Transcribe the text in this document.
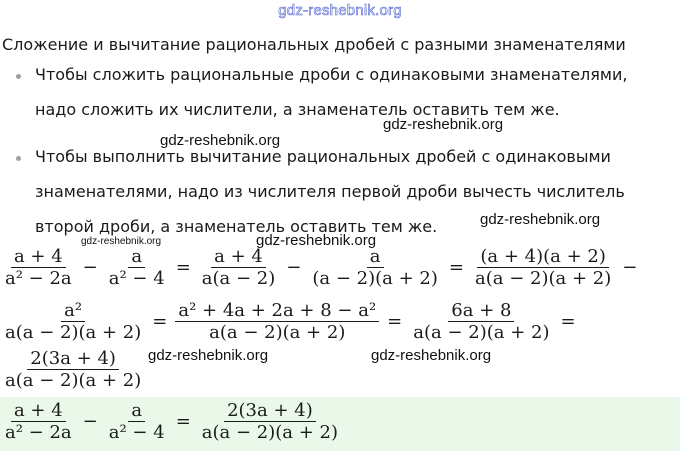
gdz-reshebnik.org
Сложение и вычитание рациональных дробей с разными знаменателями
Чтобы сложить рациональные дроби с одинаковыми знаменателями,
надо сложить их числители, а знаменатель оставить тем же.
Чтобы выполнить вычитание рациональных дробей с одинаковыми
знаменателями, надо из числителя первой дроби вычесть числитель
второй дроби, а знаменатель оставить тем же.
$\frac{a + 4}{\text{a² − 2a}} - \frac{a}{\text{a² − 4}} = \frac{a + 4}{a(a - 2)} - \frac{a}{(a - 2)(a + 2)} = \frac{(a + 4)(a + 2)}{a(a - 2)(a + 2)}$ −
$\frac{\text{a²}}{a(a - 2)(a + 2)} = \frac{\text{a² + 4a + 2a + 8 − a²}}{a(a - 2)(a + 2)} = \frac{6a + 8}{a(a - 2)(a + 2)}$ =
$\frac{2(3a + 4)}{a(a - 2)(a + 2)}$
$\frac{a + 4}{\text{a² − 2a}} - \frac{a}{\text{a² − 4}} = \frac{2(3a + 4)}{a(a - 2)(a + 2)}$
gdz-reshebnik.org
gdz-reshebnik.org
gdz-reshebnik.org
gdz-reshebnik.org
gdz-reshebnik.org
gdz-reshebnik.org	gdz-reshebnik.org
